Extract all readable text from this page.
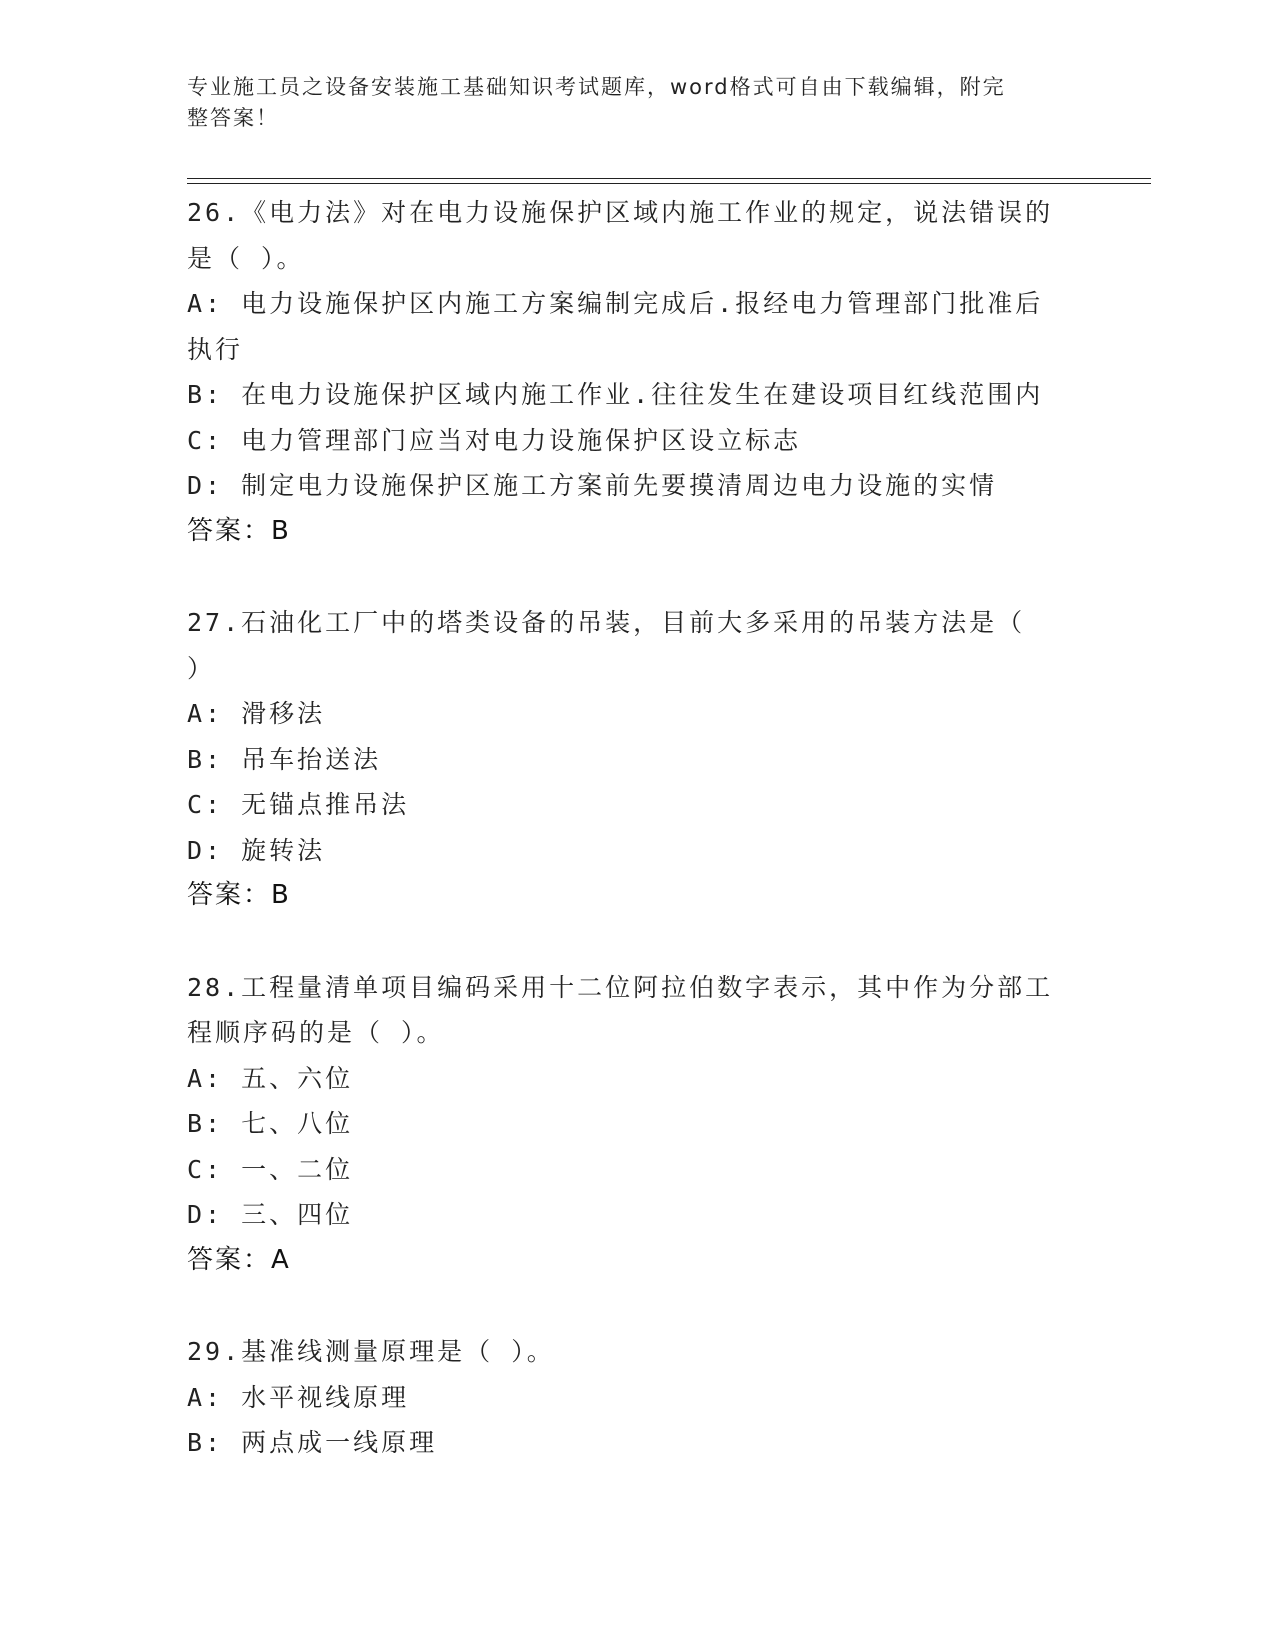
专业施工员之设备安装施工基础知识考试题库，word格式可自由下载编辑，附完
整答案！
26.《电力法》对在电力设施保护区域内施工作业的规定，说法错误的
是（ ）。
A: 电力设施保护区内施工方案编制完成后.报经电力管理部门批准后
执行
B: 在电力设施保护区域内施工作业.往往发生在建设项目红线范围内
C: 电力管理部门应当对电力设施保护区设立标志
D: 制定电力设施保护区施工方案前先要摸清周边电力设施的实情
答案：B
27.石油化工厂中的塔类设备的吊装，目前大多采用的吊装方法是（
）
A: 滑移法
B: 吊车抬送法
C: 无锚点推吊法
D: 旋转法
答案：B
28.工程量清单项目编码采用十二位阿拉伯数字表示，其中作为分部工
程顺序码的是（ ）。
A: 五、六位
B: 七、八位
C: 一、二位
D: 三、四位
答案：A
29.基准线测量原理是（ ）。
A: 水平视线原理
B: 两点成一线原理
